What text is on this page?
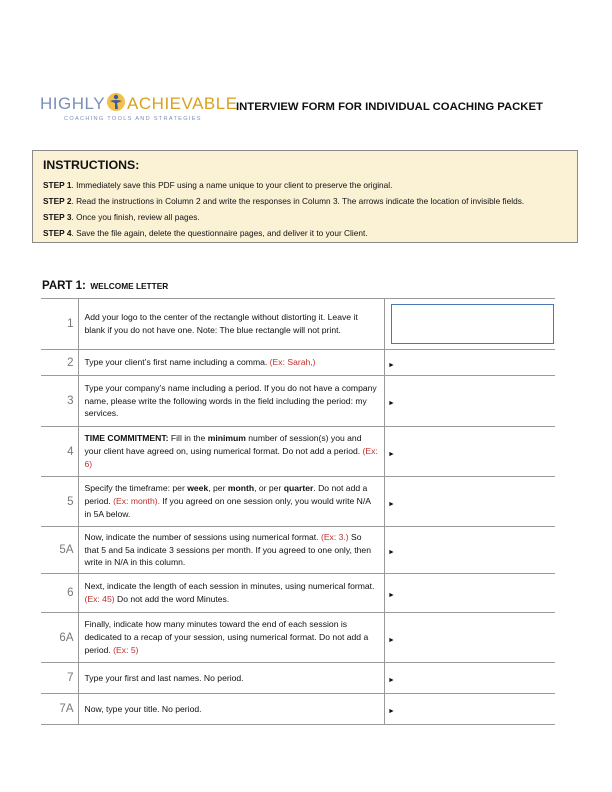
HIGHLY ACHIEVABLE
COACHING TOOLS AND STRATEGIES
INTERVIEW FORM FOR INDIVIDUAL COACHING PACKET
INSTRUCTIONS:
STEP 1. Immediately save this PDF using a name unique to your client to preserve the original.
STEP 2. Read the instructions in Column 2 and write the responses in Column 3. The arrows indicate the location of invisible fields.
STEP 3. Once you finish, review all pages.
STEP 4. Save the file again, delete the questionnaire pages, and deliver it to your Client.
PART 1: WELCOME LETTER
1	Add your logo to the center of the rectangle without distorting it. Leave it blank if you do not have one. Note: The blue rectangle will not print.	

2	Type your client’s first name including a comma. (Ex: Sarah,)	►
3	Type your company’s name including a period. If you do not have a company name, please write the following words in the field including the period: my services.	►
4	TIME COMMITMENT: Fill in the minimum number of session(s) you and your client have agreed on, using numerical format. Do not add a period. (Ex: 6)	►
5	Specify the timeframe: per week, per month, or per quarter. Do not add a period. (Ex: month). If you agreed on one session only, you would write N/A in 5A below.	►
5A	Now, indicate the number of sessions using numerical format. (Ex: 3.) So that 5 and 5a indicate 3 sessions per month. If you agreed to one only, then write in N/A in this column.	►
6	Next, indicate the length of each session in minutes, using numerical format. (Ex: 45) Do not add the word Minutes.	►
6A	Finally, indicate how many minutes toward the end of each session is dedicated to a recap of your session, using numerical format. Do not add a period. (Ex: 5)	►
7	Type your first and last names. No period.	►
7A	Now, type your title. No period.	►
